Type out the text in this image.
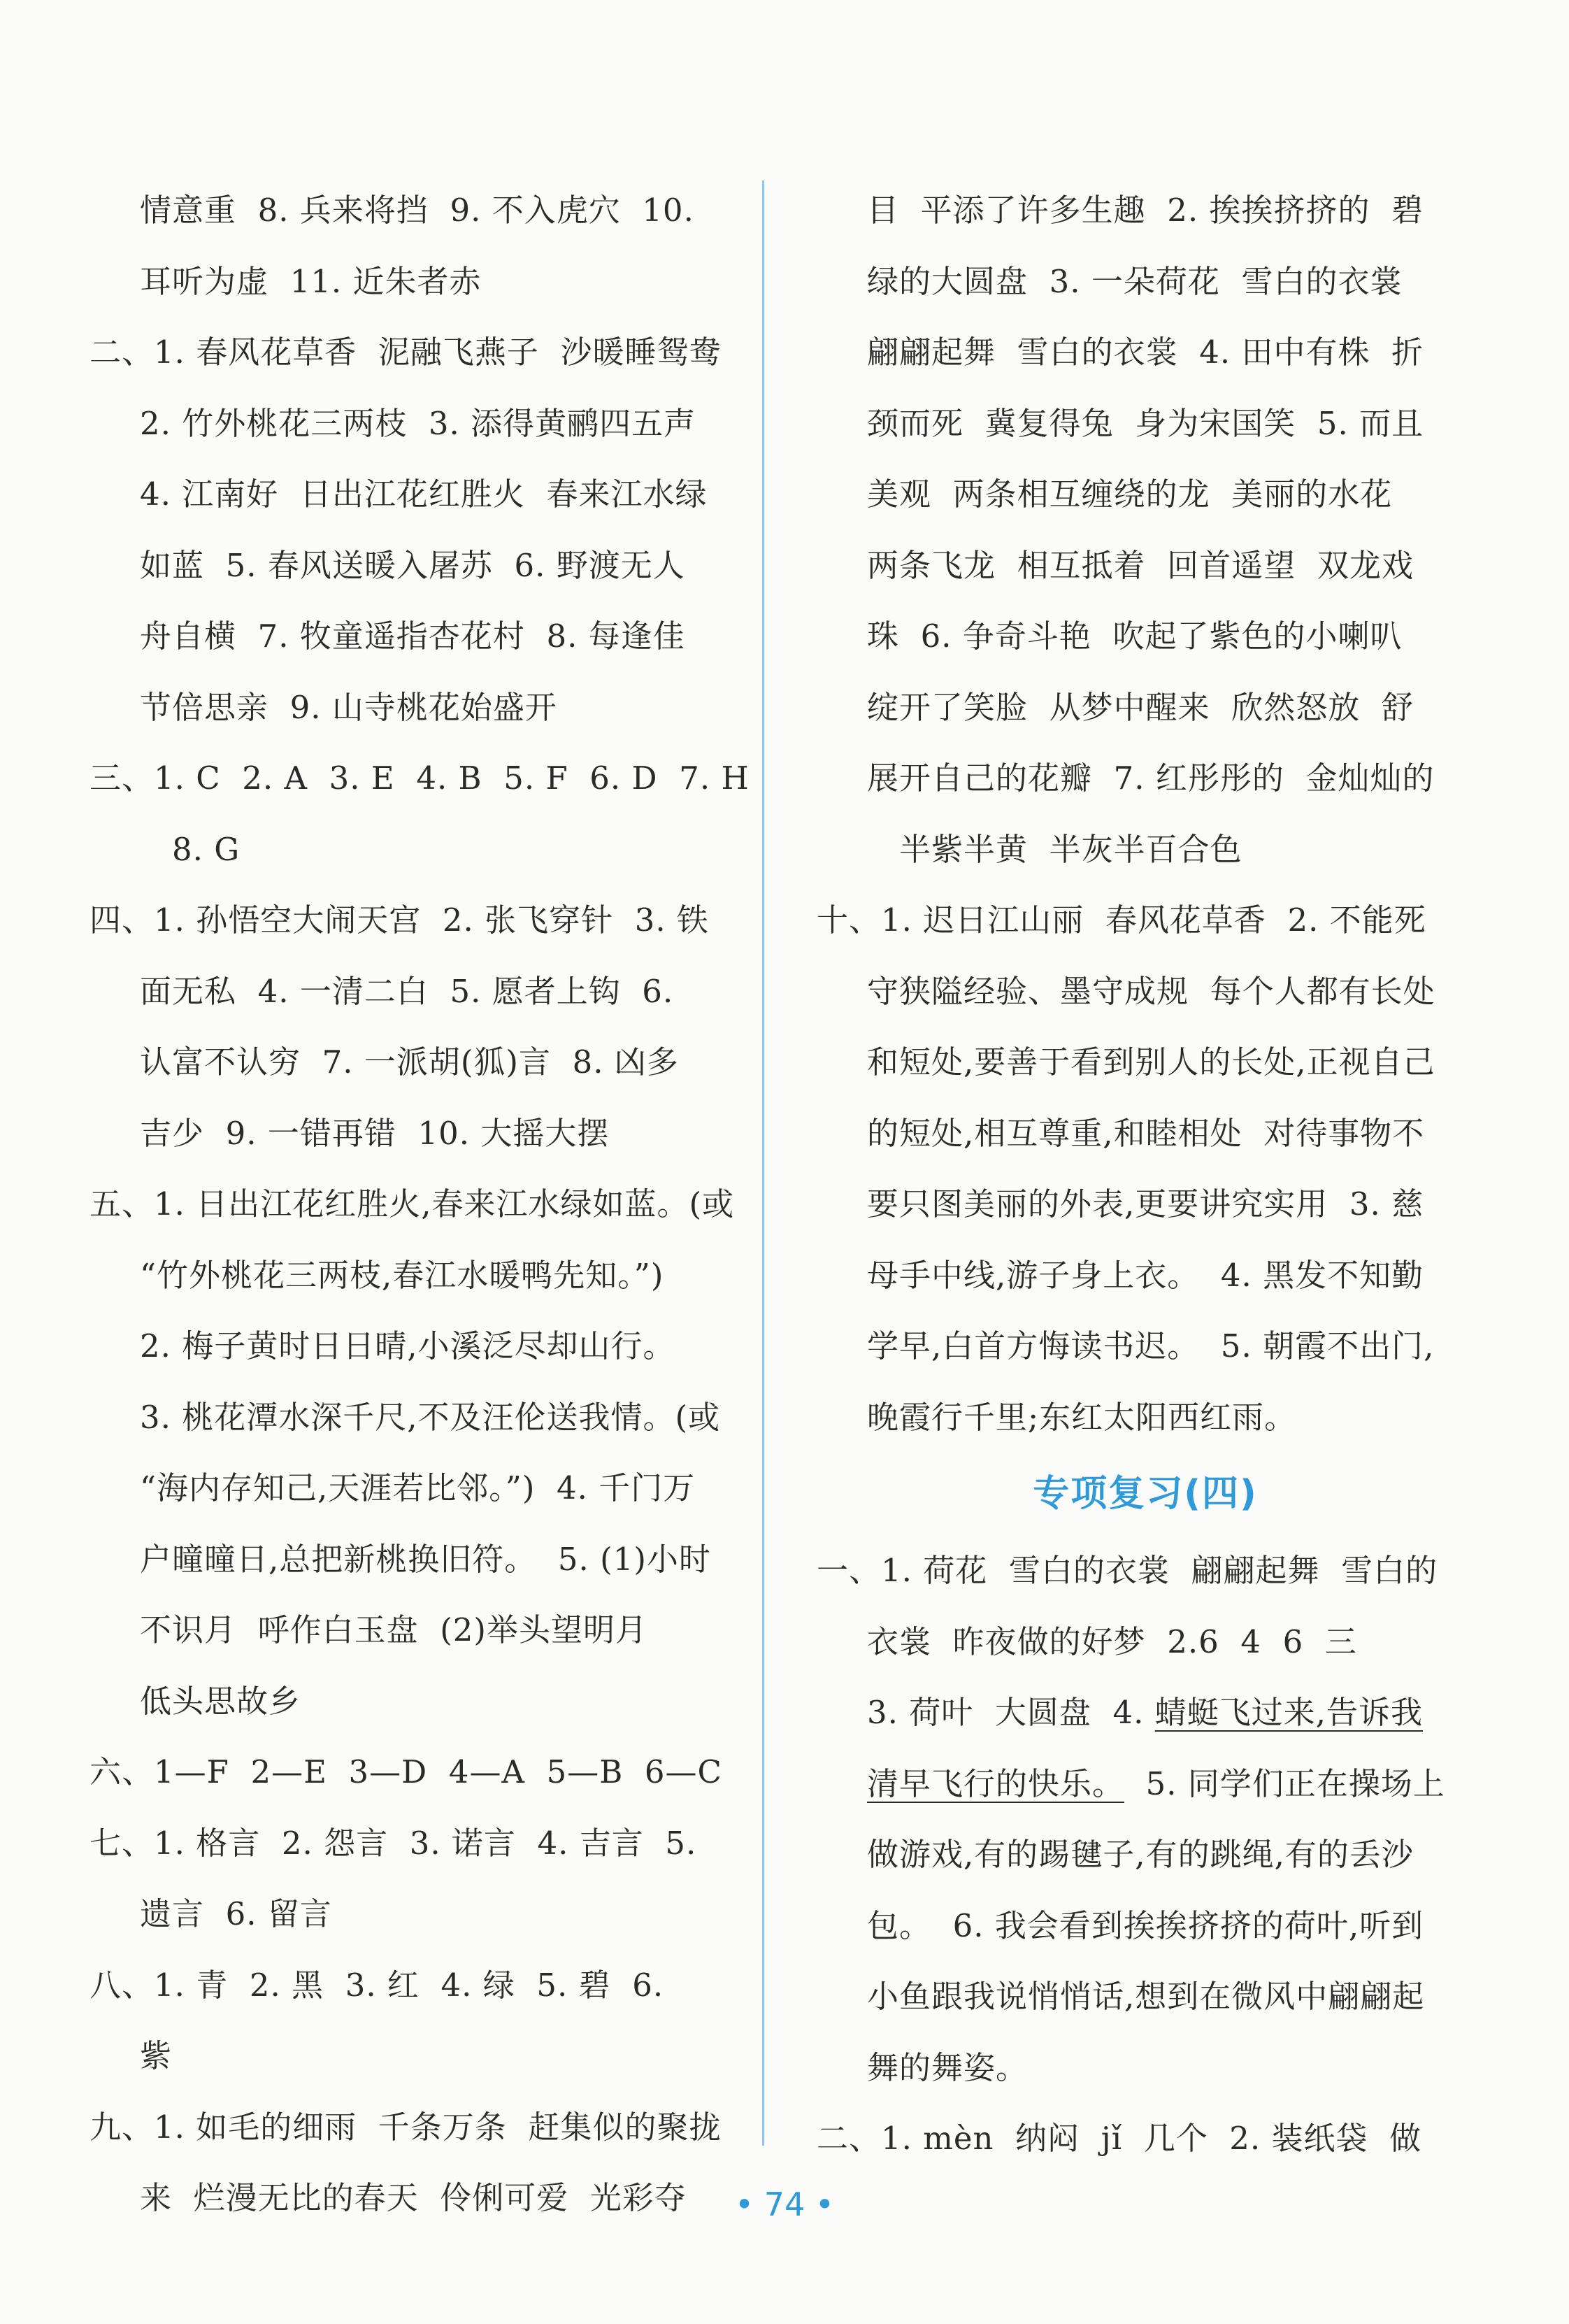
情意重  8. 兵来将挡  9. 不入虎穴  10.
耳听为虚  11. 近朱者赤
二、1. 春风花草香  泥融飞燕子  沙暖睡鸳鸯
2. 竹外桃花三两枝  3. 添得黄鹂四五声
4. 江南好  日出江花红胜火  春来江水绿
如蓝  5. 春风送暖入屠苏  6. 野渡无人
舟自横  7. 牧童遥指杏花村  8. 每逢佳
节倍思亲  9. 山寺桃花始盛开
三、1. C  2. A  3. E  4. B  5. F  6. D  7. H
8. G
四、1. 孙悟空大闹天宫  2. 张飞穿针  3. 铁
面无私  4. 一清二白  5. 愿者上钩  6.
认富不认穷  7. 一派胡(狐)言  8. 凶多
吉少  9. 一错再错  10. 大摇大摆
五、1. 日出江花红胜火,春来江水绿如蓝。(或
“竹外桃花三两枝,春江水暖鸭先知。”)
2. 梅子黄时日日晴,小溪泛尽却山行。
3. 桃花潭水深千尺,不及汪伦送我情。(或
“海内存知己,天涯若比邻。”)  4. 千门万
户曈曈日,总把新桃换旧符。  5. (1)小时
不识月  呼作白玉盘  (2)举头望明月
低头思故乡
六、1—F  2—E  3—D  4—A  5—B  6—C
七、1. 格言  2. 怨言  3. 诺言  4. 吉言  5.
遗言  6. 留言
八、1. 青  2. 黑  3. 红  4. 绿  5. 碧  6.
紫
九、1. 如毛的细雨  千条万条  赶集似的聚拢
来  烂漫无比的春天  伶俐可爱  光彩夺
目  平添了许多生趣  2. 挨挨挤挤的  碧
绿的大圆盘  3. 一朵荷花  雪白的衣裳
翩翩起舞  雪白的衣裳  4. 田中有株  折
颈而死  冀复得兔  身为宋国笑  5. 而且
美观  两条相互缠绕的龙  美丽的水花
两条飞龙  相互抵着  回首遥望  双龙戏
珠  6. 争奇斗艳  吹起了紫色的小喇叭
绽开了笑脸  从梦中醒来  欣然怒放  舒
展开自己的花瓣  7. 红彤彤的  金灿灿的
半紫半黄  半灰半百合色
十、1. 迟日江山丽  春风花草香  2. 不能死
守狭隘经验、墨守成规  每个人都有长处
和短处,要善于看到别人的长处,正视自己
的短处,相互尊重,和睦相处  对待事物不
要只图美丽的外表,更要讲究实用  3. 慈
母手中线,游子身上衣。  4. 黑发不知勤
学早,白首方悔读书迟。  5. 朝霞不出门,
晚霞行千里;东红太阳西红雨。
专项复习(四)
一、1. 荷花  雪白的衣裳  翩翩起舞  雪白的
衣裳  昨夜做的好梦  2.6  4  6  三
3. 荷叶  大圆盘  4. 蜻蜓飞过来,告诉我
清早飞行的快乐。  5. 同学们正在操场上
做游戏,有的踢毽子,有的跳绳,有的丢沙
包。  6. 我会看到挨挨挤挤的荷叶,听到
小鱼跟我说悄悄话,想到在微风中翩翩起
舞的舞姿。
二、1. mèn  纳闷  jǐ  几个  2. 装纸袋  做
• 74 •
